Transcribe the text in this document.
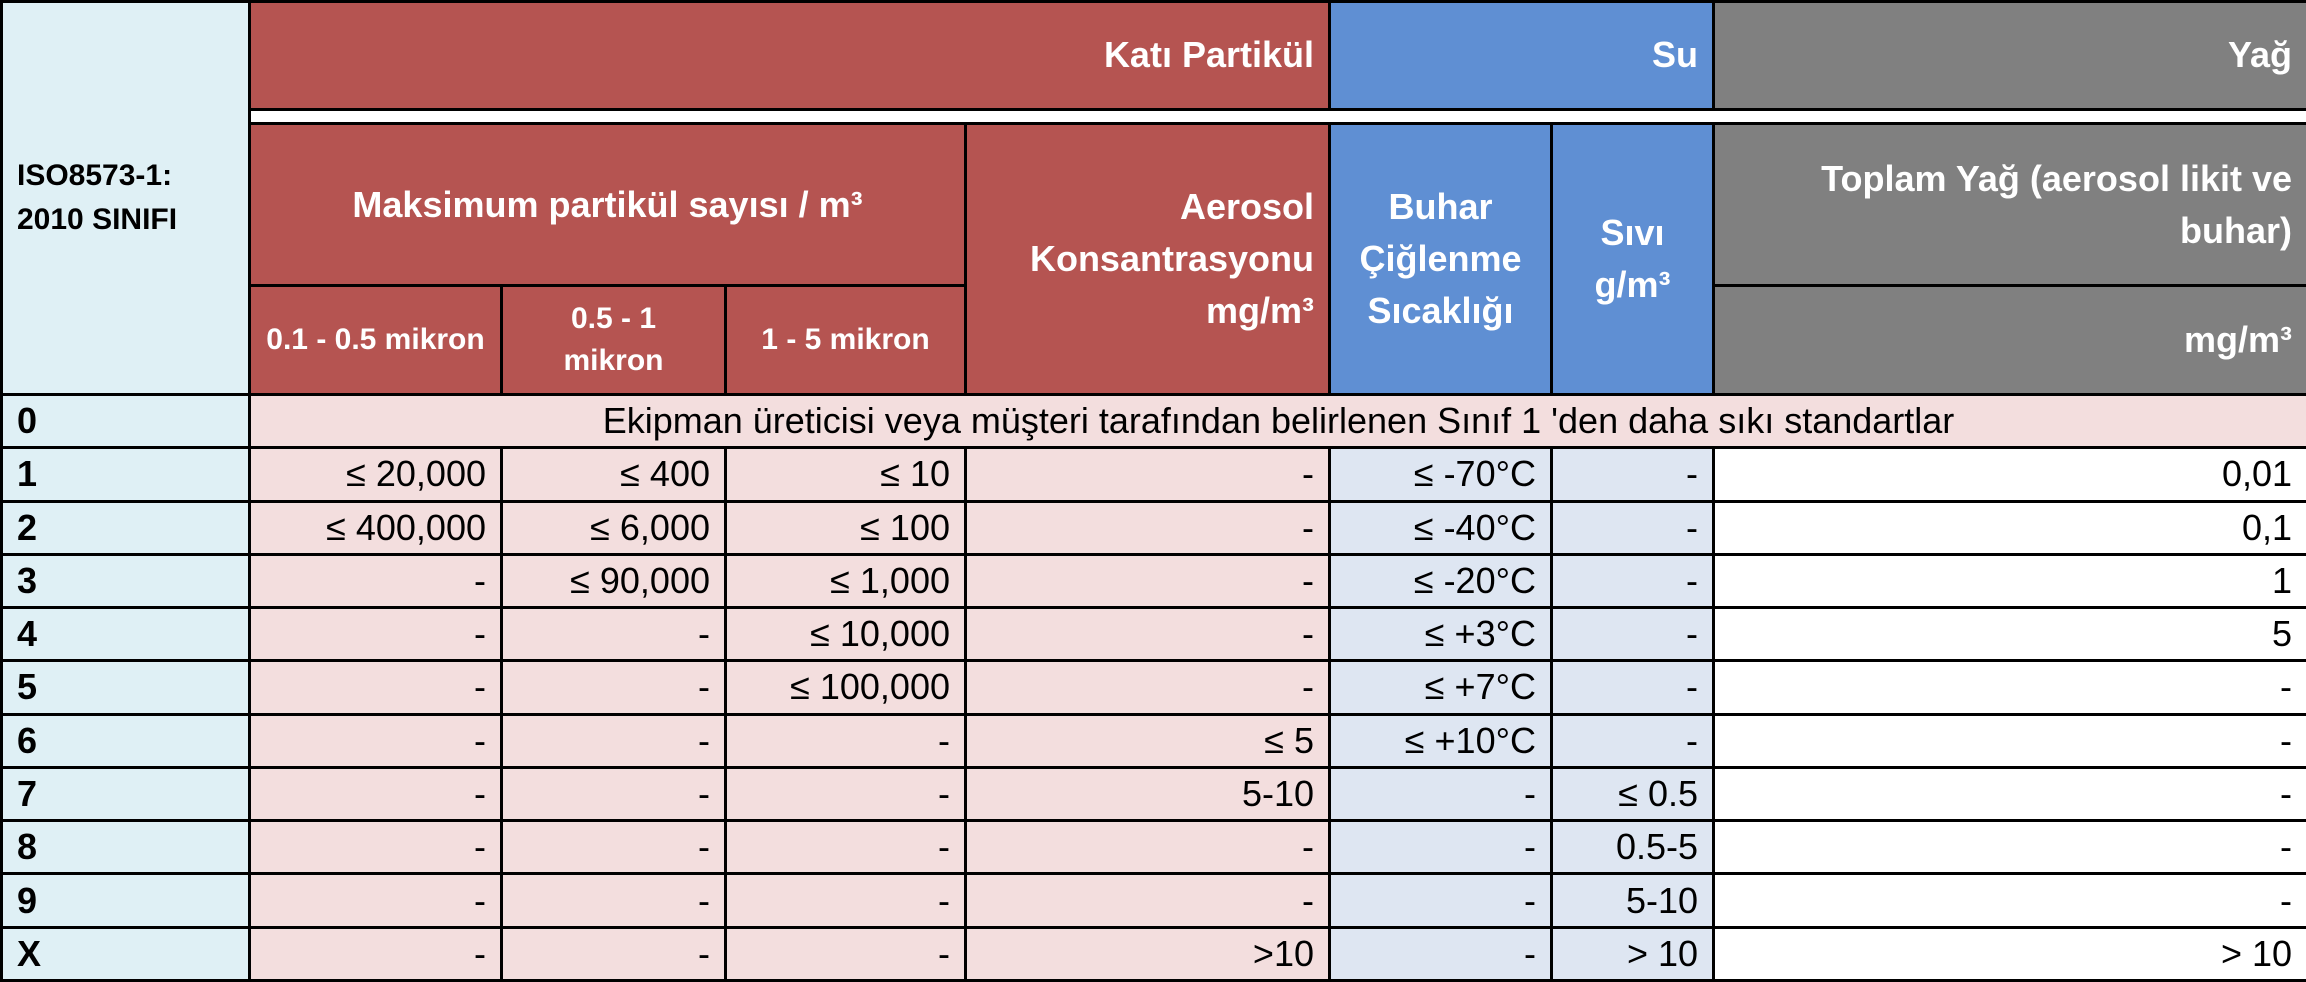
ISO8573-1: 2010 SINIFI	Katı Partikül				Su		Yağ

	Maksimum partikül sayısı / m³			Aerosol Konsantrasyonu mg/m³	Buhar Çiğlenme Sıcaklığı	Sıvı g/m³	Toplam Yağ (aerosol likit ve buhar)
	0.1 - 0.5 mikron	0.5 - 1 mikron	1 - 5 mikron				mg/m³
0	Ekipman üreticisi veya müşteri tarafından belirlenen Sınıf 1 'den daha sıkı standartlar						
1	≤ 20,000	≤ 400	≤ 10	-	≤ -70°C	-	0,01
2	≤ 400,000	≤ 6,000	≤ 100	-	≤ -40°C	-	0,1
3	-	≤ 90,000	≤ 1,000	-	≤ -20°C	-	1
4	-	-	≤ 10,000	-	≤ +3°C	-	5
5	-	-	≤ 100,000	-	≤ +7°C	-	-
6	-	-	-	≤ 5	≤ +10°C	-	-
7	-	-	-	5-10	-	≤ 0.5	-
8	-	-	-	-	-	0.5-5	-
9	-	-	-	-	-	5-10	-
X	-	-	-	>10	-	> 10	> 10
